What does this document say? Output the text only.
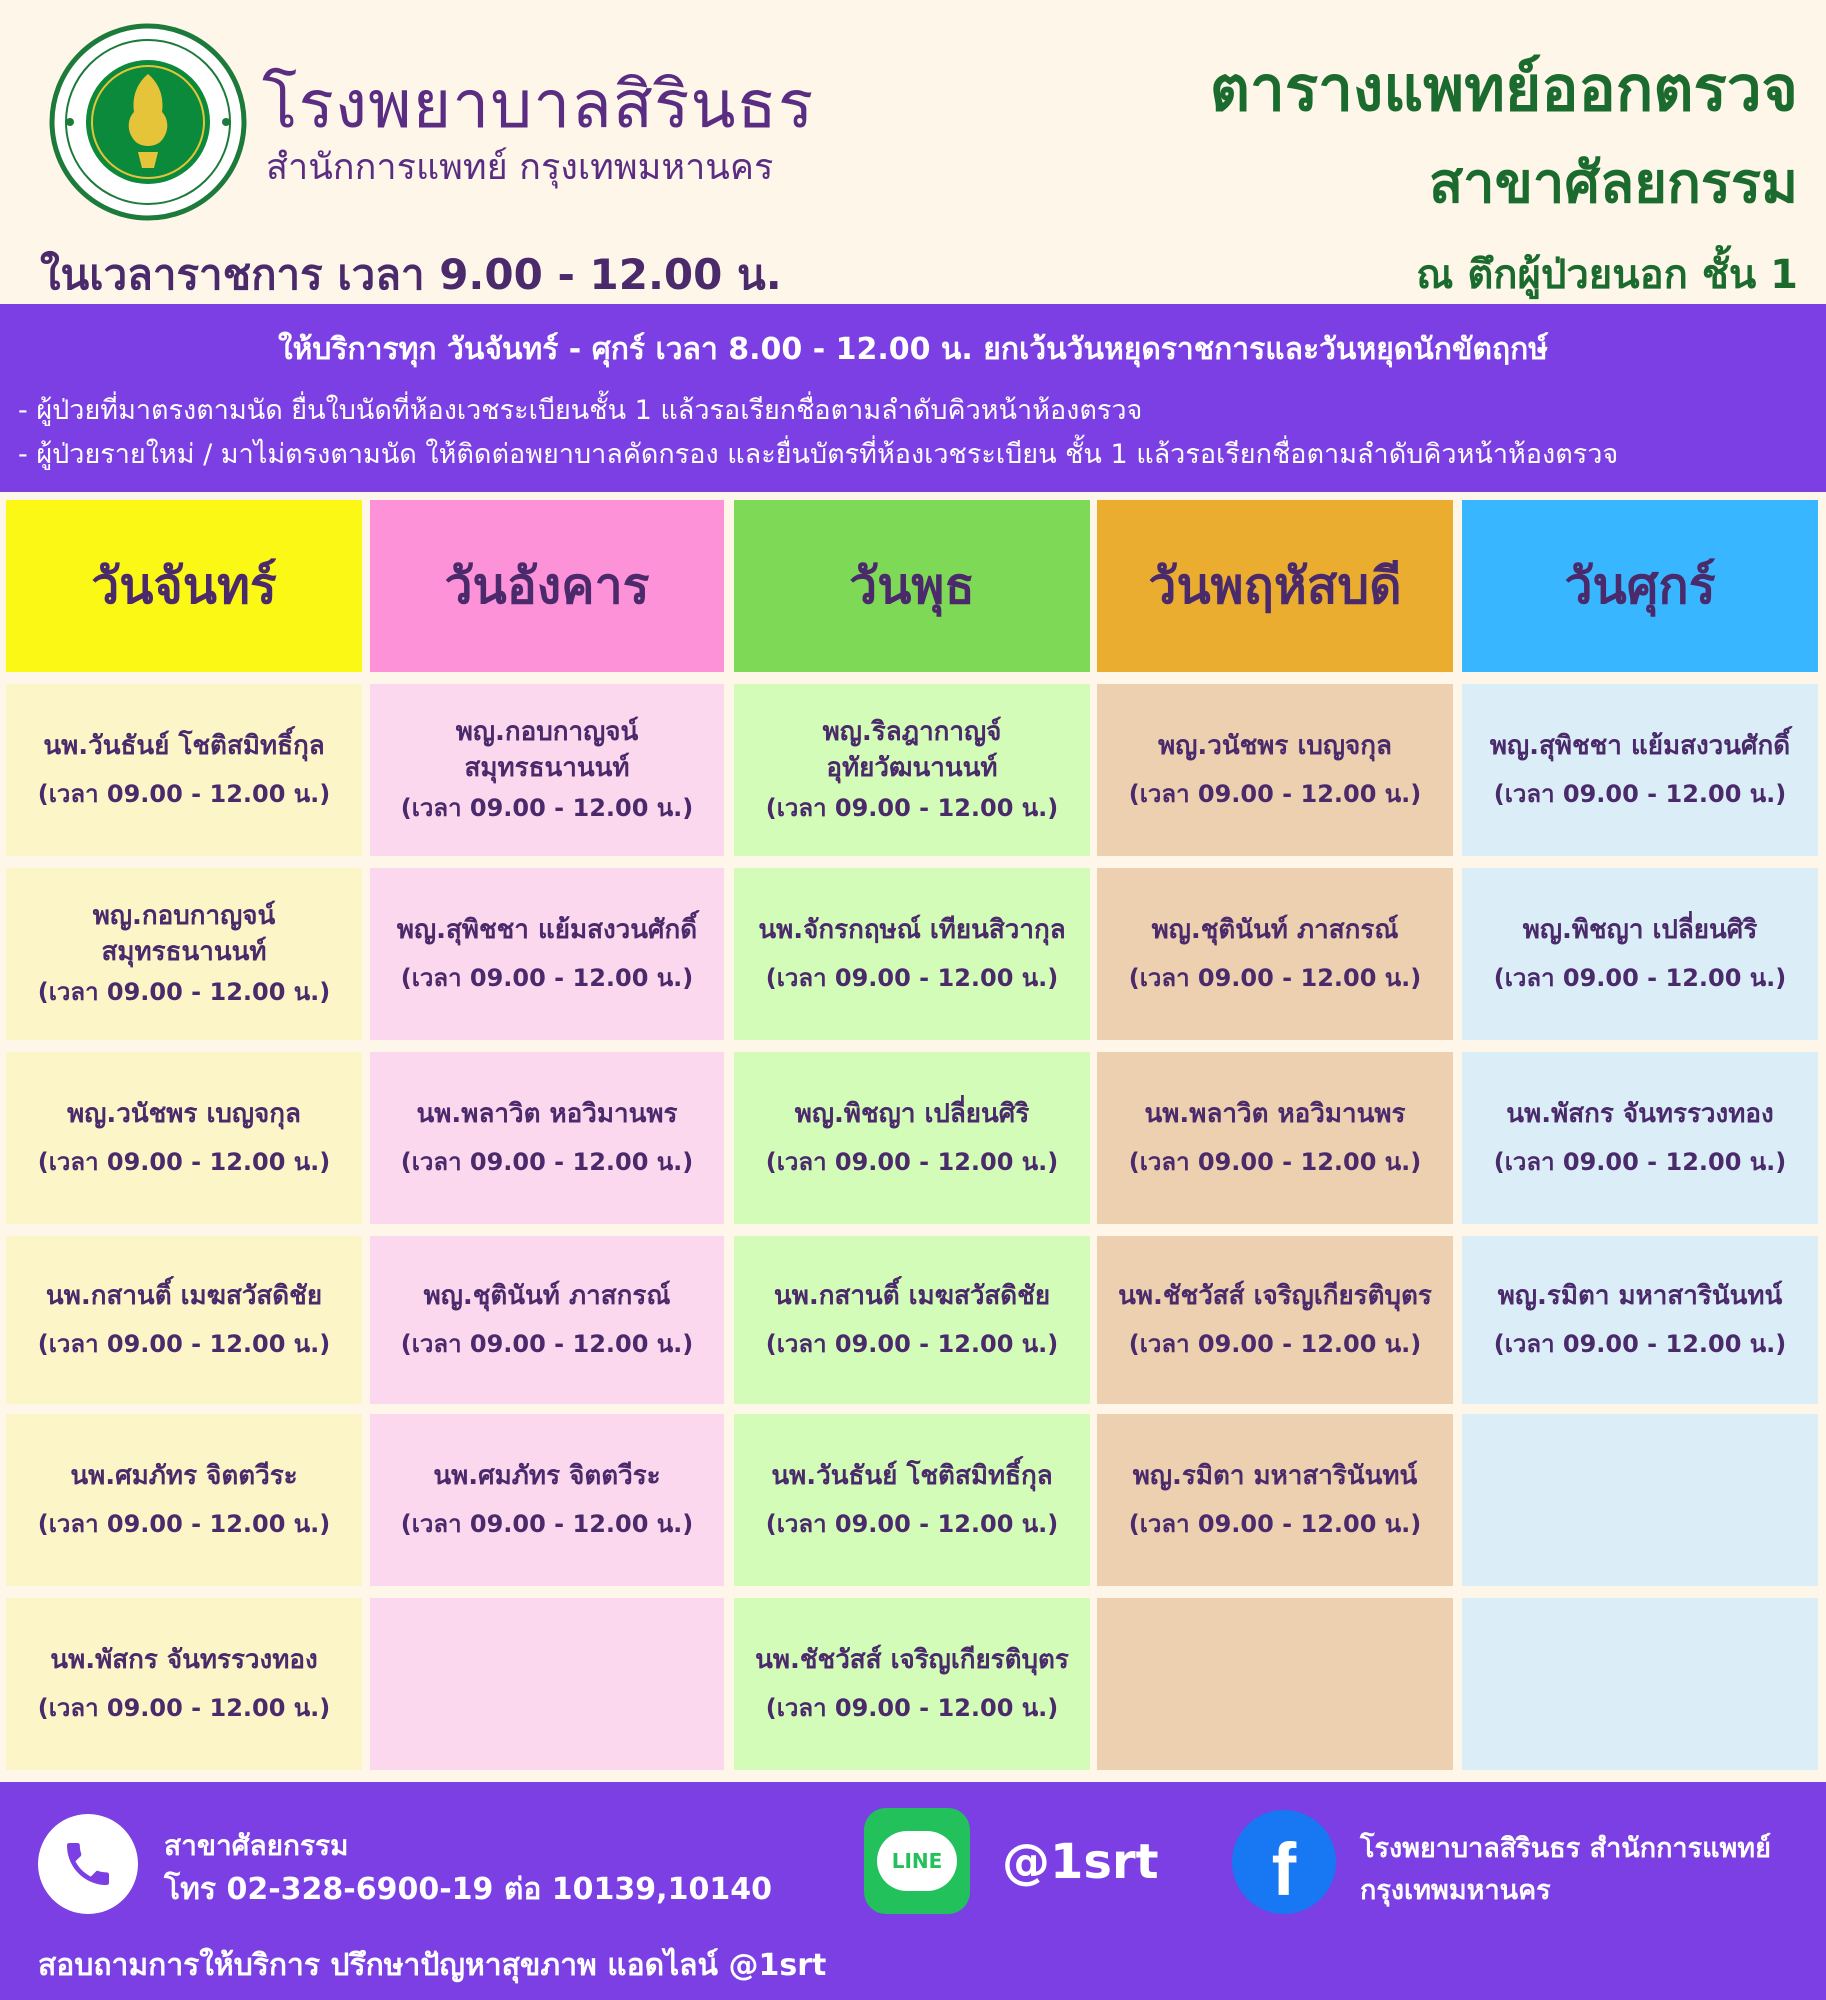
โรงพยาบาลสิรินธร
สำนักการแพทย์ กรุงเทพมหานคร
ตารางแพทย์ออกตรวจ
สาขาศัลยกรรม
ในเวลาราชการ เวลา 9.00 - 12.00 น.	ณ ตึกผู้ป่วยนอก ชั้น 1
ให้บริการทุก วันจันทร์ - ศุกร์ เวลา 8.00 - 12.00 น. ยกเว้นวันหยุดราชการและวันหยุดนักขัตฤกษ์
- ผู้ป่วยที่มาตรงตามนัด ยื่นใบนัดที่ห้องเวชระเบียนชั้น 1 แล้วรอเรียกชื่อตามลำดับคิวหน้าห้องตรวจ
- ผู้ป่วยรายใหม่ / มาไม่ตรงตามนัด ให้ติดต่อพยาบาลคัดกรอง และยื่นบัตรที่ห้องเวชระเบียน ชั้น 1 แล้วรอเรียกชื่อตามลำดับคิวหน้าห้องตรวจ
วันจันทร์
นพ.วันธันย์ โชติสมิทธิ์กุล
(เวลา 09.00 - 12.00 น.)
พญ.กอบกาญจน์
สมุทรธนานนท์
(เวลา 09.00 - 12.00 น.)
พญ.วนัชพร เบญจกุล
(เวลา 09.00 - 12.00 น.)
นพ.กสานติ์ เมฆสวัสดิชัย
(เวลา 09.00 - 12.00 น.)
นพ.ศมภัทร จิตตวีระ
(เวลา 09.00 - 12.00 น.)
นพ.พัสกร จันทรรวงทอง
(เวลา 09.00 - 12.00 น.)
วันอังคาร
พญ.กอบกาญจน์
สมุทรธนานนท์
(เวลา 09.00 - 12.00 น.)
พญ.สุพิชชา แย้มสงวนศักดิ์
(เวลา 09.00 - 12.00 น.)
นพ.พลาวิต หอวิมานพร
(เวลา 09.00 - 12.00 น.)
พญ.ชุตินันท์ ภาสกรณ์
(เวลา 09.00 - 12.00 น.)
นพ.ศมภัทร จิตตวีระ
(เวลา 09.00 - 12.00 น.)
วันพุธ
พญ.ริลฎากาญจ์
อุทัยวัฒนานนท์
(เวลา 09.00 - 12.00 น.)
นพ.จักรกฤษณ์ เทียนสิวากุล
(เวลา 09.00 - 12.00 น.)
พญ.พิชญา เปลี่ยนศิริ
(เวลา 09.00 - 12.00 น.)
นพ.กสานติ์ เมฆสวัสดิชัย
(เวลา 09.00 - 12.00 น.)
นพ.วันธันย์ โชติสมิทธิ์กุล
(เวลา 09.00 - 12.00 น.)
นพ.ชัชวัสส์ เจริญเกียรติบุตร
(เวลา 09.00 - 12.00 น.)
วันพฤหัสบดี
พญ.วนัชพร เบญจกุล
(เวลา 09.00 - 12.00 น.)
พญ.ชุตินันท์ ภาสกรณ์
(เวลา 09.00 - 12.00 น.)
นพ.พลาวิต หอวิมานพร
(เวลา 09.00 - 12.00 น.)
นพ.ชัชวัสส์ เจริญเกียรติบุตร
(เวลา 09.00 - 12.00 น.)
พญ.รมิตา มหาสารินันทน์
(เวลา 09.00 - 12.00 น.)
วันศุกร์
พญ.สุพิชชา แย้มสงวนศักดิ์
(เวลา 09.00 - 12.00 น.)
พญ.พิชญา เปลี่ยนศิริ
(เวลา 09.00 - 12.00 น.)
นพ.พัสกร จันทรรวงทอง
(เวลา 09.00 - 12.00 น.)
พญ.รมิตา มหาสารินันทน์
(เวลา 09.00 - 12.00 น.)
สาขาศัลยกรรม
โทร 02-328-6900-19 ต่อ 10139,10140
LINE @1srt f โรงพยาบาลสิรินธร สำนักการแพทย์
กรุงเทพมหานคร
สอบถามการให้บริการ ปรึกษาปัญหาสุขภาพ แอดไลน์ @1srt
